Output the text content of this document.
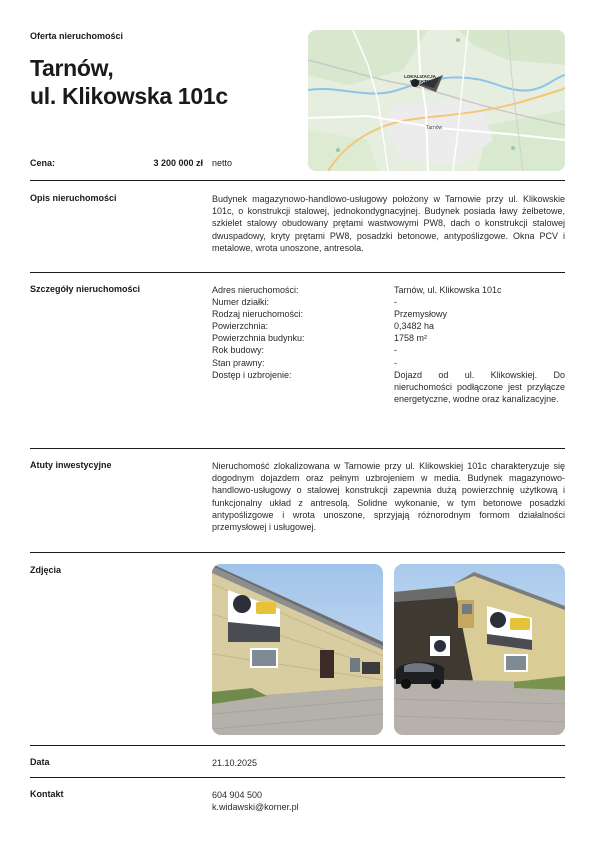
Oferta nieruchomości
Tarnów,
ul. Klikowska 101c
LOKALIZACJA
OBIEKTU
Tarnów
Cena:	3 200 000 zł netto
Opis nieruchomości	Budynek magazynowo-handlowo-usługowy położony w Tarnowie przy ul. Klikowskie 101c, o konstrukcji stalowej, jednokondygnacyjnej. Budynek posiada ławy żelbetowe, szkielet stalowy obudowany prętami wastwowymi PW8, dach o konstrukcji stalowej dwuspadowy, kryty prętami PW8, posadzki betonowe, antypoślizgowe. Okna PCV i metalowe, wrota unoszone, antresola.
Szczegóły nieruchomości	Adres nieruchomości:	Tarnów, ul. Klikowska 101c
Numer działki:	-
Rodzaj nieruchomości:	Przemysłowy
Powierzchnia:	0,3482 ha
Powierzchnia budynku:	1758 m²
Rok budowy:	-
Stan prawny:	-
Dostęp i uzbrojenie:	Dojazd od ul. Klikowskiej. Do nieruchomości podłączone jest przyłącze energetyczne, wodne oraz kanalizacyjne.
Atuty inwestycyjne	Nieruchomość zlokalizowana w Tarnowie przy ul. Klikowskiej 101c charakteryzuje się dogodnym dojazdem oraz pełnym uzbrojeniem w media. Budynek magazynowo-handlowo-usługowy o stalowej konstrukcji zapewnia dużą powierzchnię użytkową i funkcjonalny układ z antresolą. Solidne wykonanie, w tym betonowe posadzki antypoślizgowe i wrota unoszone, sprzyjają różnorodnym formom działalności przemysłowej i usługowej.
Zdjęcia
Data	21.10.2025
Kontakt	604 904 500
k.widawski@korner.pl
